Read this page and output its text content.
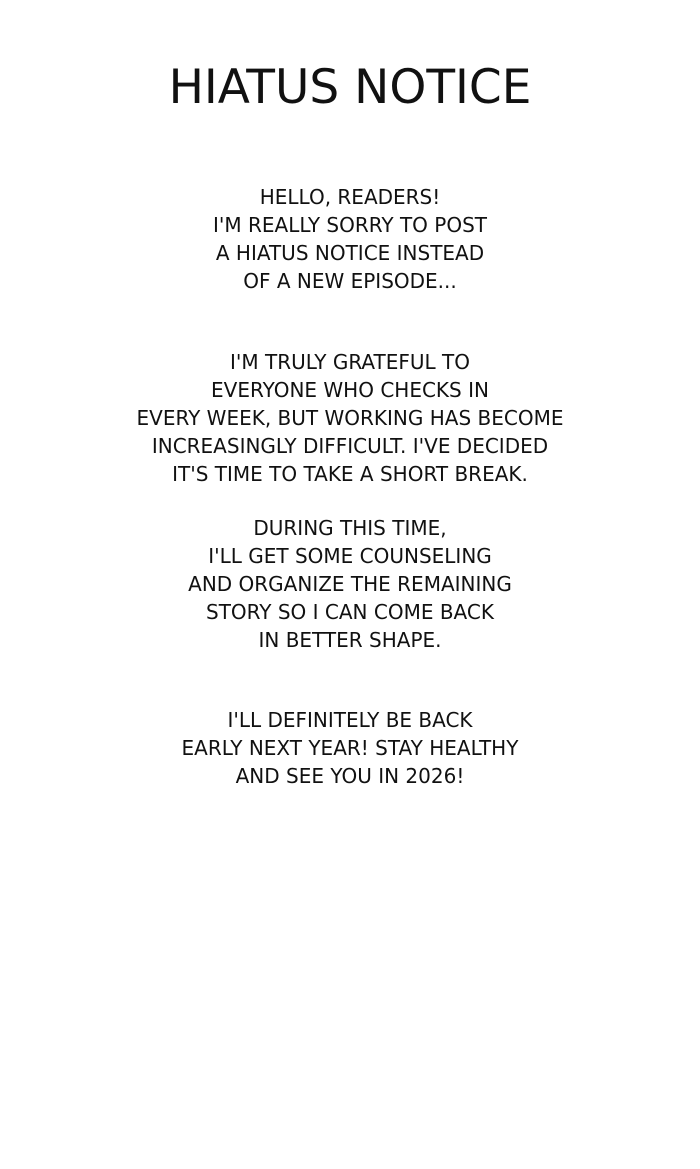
HIATUS NOTICE

HELLO, READERS!
I'M REALLY SORRY TO POST
A HIATUS NOTICE INSTEAD
OF A NEW EPISODE...

I'M TRULY GRATEFUL TO
EVERYONE WHO CHECKS IN
EVERY WEEK, BUT WORKING HAS BECOME
INCREASINGLY DIFFICULT. I'VE DECIDED
IT'S TIME TO TAKE A SHORT BREAK.

DURING THIS TIME,
I'LL GET SOME COUNSELING
AND ORGANIZE THE REMAINING
STORY SO I CAN COME BACK
IN BETTER SHAPE.

I'LL DEFINITELY BE BACK
EARLY NEXT YEAR! STAY HEALTHY
AND SEE YOU IN 2026!
